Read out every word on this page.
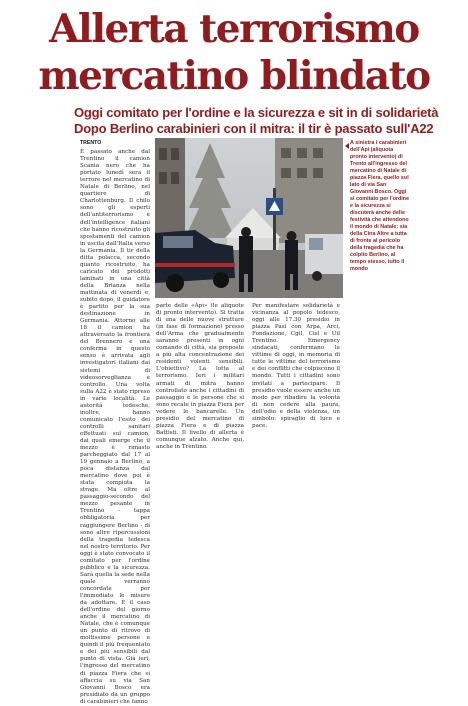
Allerta terrorismo
mercatino blindato
Oggi comitato per l'ordine e la sicurezza e sit in di solidarietà
Dopo Berlino carabinieri con il mitra: il tir è passato sull'A22
TRENTO
È passato anche dal Trentino il camion Scania nero che ha portato lunedì sera il terrore nel mercatino di Natale di Berlino, nel quartiere di Charlottenburg. Il chilo sono gli esperti dell'antiterrorismo e dell'intelligence italiani che hanno ricostruito gli spostamenti del camion in uscita dall'Italia verso la Germania. Il tir della ditta polacca, secondo quanto ricostruito, ha caricato dei prodotti laminati in una città della Brianza nella mattinata di venerdì e, subito dopo, il guidatore è partito per la sua destinazione in Germania. Attorno alle 18 il camion ha attraversato la frontiera del Brennero e una conferma in questo senso è arrivata agli investigatori italiani dai sistemi di videosorveglianza e controllo. Una volta sulla A22 è stato ripreso in varie località. Le autorità tedesche, inoltre, hanno comunicato l'esito dei controlli sanitari effettuati sul camion, dai quali emerge che il mezzo è rimasto parcheggiato dal 17 al 19 gennaio a Berlino, a poca distanza dal mercatino dove poi è stata compiuta la strage. Ma oltre al passaggio-secondo del mezzo pesante in Trentino - tappa obbligatoria per raggiungere Berlino - di sono altre ripercussioni della tragedia tedesca nel nostro territorio. Per oggi è stato convocato il comitato per l'ordine pubblico e la sicurezza. Sarà quella la sede nella quale verranno concordate per l'immediato le misure da adottare. È il caso dell'ordine del giorno anche il mercatino di Natale, che è comunque un punto di ritrovo di moltissime persone e quindi il più frequentato e dei più sensibili dal punto di vista. Già ieri, l'ingresso del mercatino di piazza Fiera che si affaccia su via San Giovanni Bosco era presidiato da un gruppo di carabinieri che fanno
A sinistra i carabinieri dell'Api (aliquota pronto intervento) di Trento all'ingresso del mercatino di Natale di piazza Fiera, quello sul lato di via San Giovanni Bosco. Oggi si comitato per l'ordine e la sicurezza si discuterà anche delle festività che attendono il mondo di Natale: sia della Cina Altre a tutta di fronte al pericolo della tragedia che ha colpito Berlino, al tempo stesso, tutto il mondo
parte delle «Api» (le aliquote di pronto intervento). Si tratta di una delle nuove strutture (in fase di formazione) presso dell'Arma che gradualmente saranno presenti in ogni comando di città, sia preposte a più alta concentrazione dei residenti volenti sensibili. L'obiettivo? La lotta al terrorismo. Ieri i militari armati di mitra hanno controllato anche i cittadini di passaggio e le persone che si sono recate in piazza Fiera per vedere le bancarelle. Un presidio del mercatino di piazza Fiera e di piazza Battisti. Il livello di allerta è comunque alzato. Anche qui, anche in Trentino.
Per manifestare solidarietà e vicinanza al popolo tedesco, oggi alle 17.30 presidio in piazza Pasi con Arpa, Arci, Fondazione, Cgil, Cisl e Uil Trentino. Emergency sindacati, confermano le vittime di oggi, in memoria di tutte le vittime del terrorismo e dei conflitti che colpiscono il mondo. Tutti i cittadini sono invitati a partecipare. Il presidio vuole essere anche un modo per ribadire la volontà di non cedere alla paura, dell'odio e della violenza, un simbolo: spiraglio di luce e pace.
